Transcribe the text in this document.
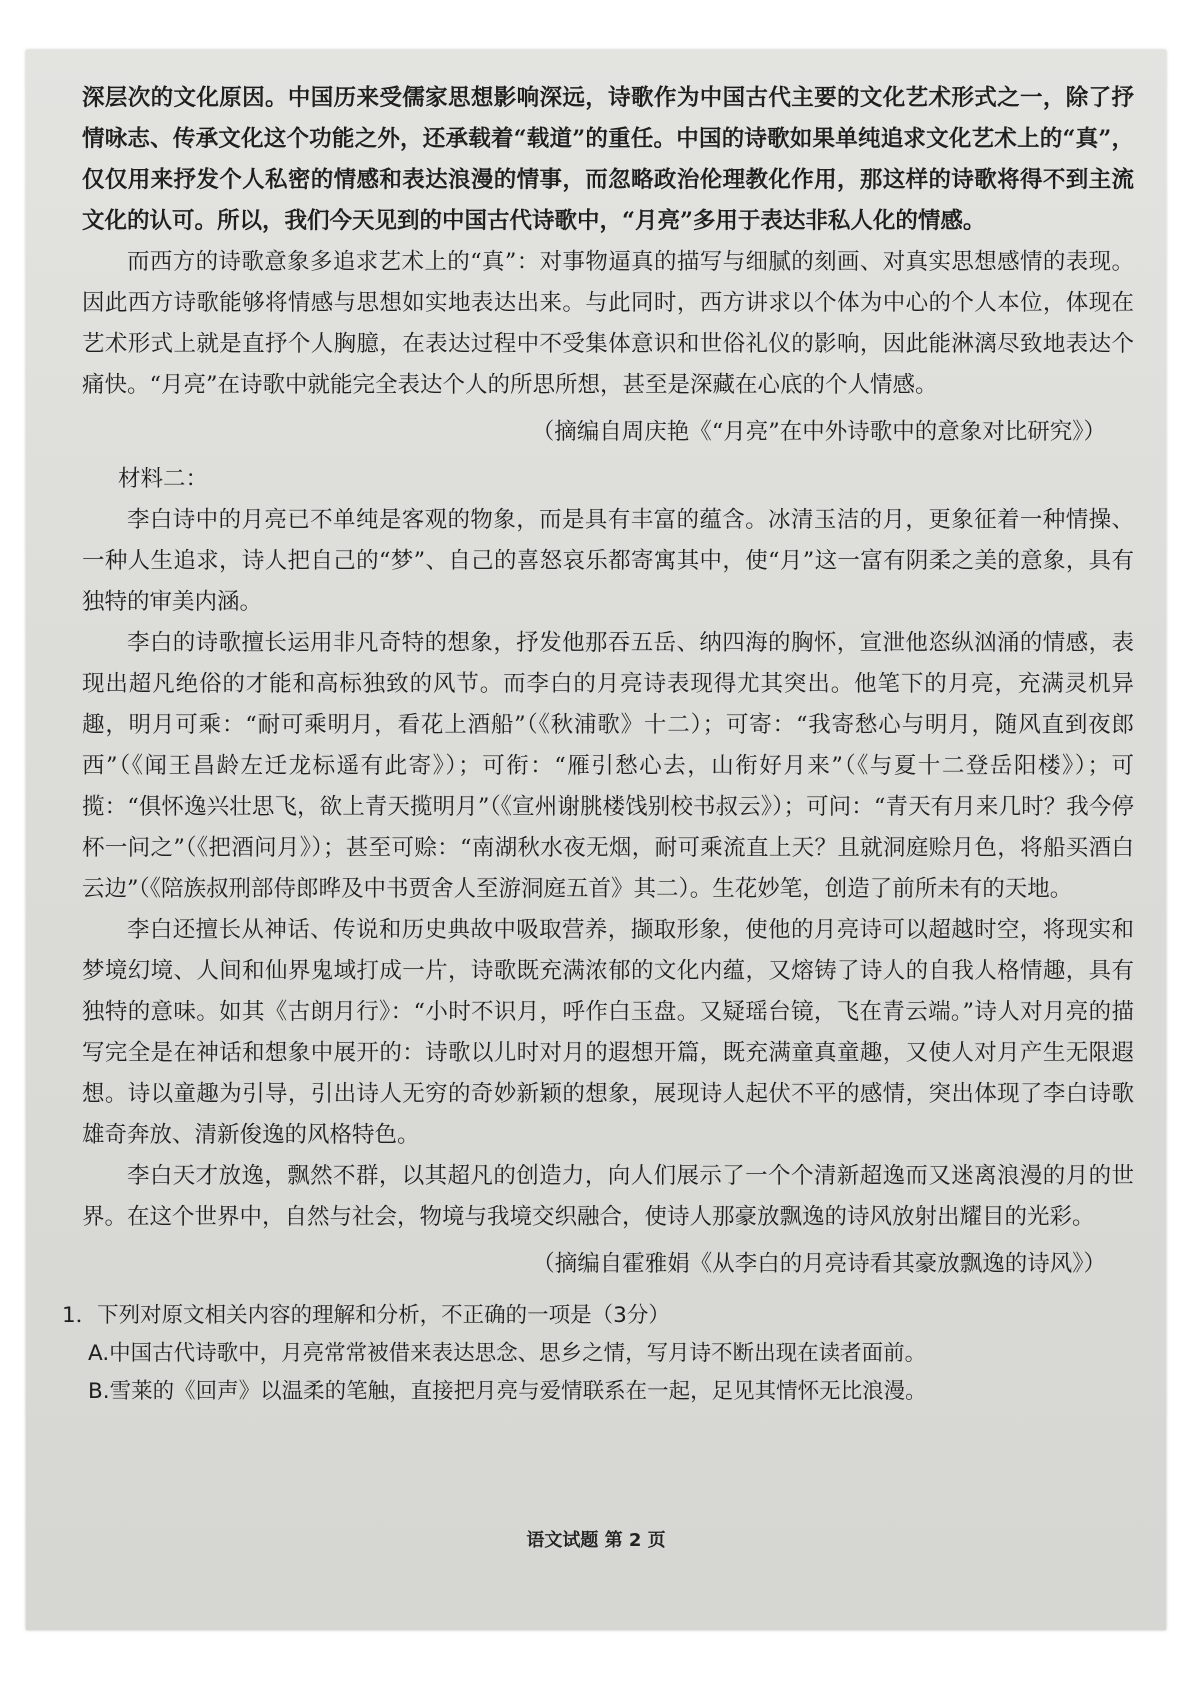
深层次的文化原因。中国历来受儒家思想影响深远，诗歌作为中国古代主要的文化艺术形式之一，除了抒情咏志、传承文化这个功能之外，还承载着“载道”的重任。中国的诗歌如果单纯追求文化艺术上的“真”，仅仅用来抒发个人私密的情感和表达浪漫的情事，而忽略政治伦理教化作用，那这样的诗歌将得不到主流文化的认可。所以，我们今天见到的中国古代诗歌中，“月亮”多用于表达非私人化的情感。

而西方的诗歌意象多追求艺术上的“真”：对事物逼真的描写与细腻的刻画、对真实思想感情的表现。因此西方诗歌能够将情感与思想如实地表达出来。与此同时，西方讲求以个体为中心的个人本位，体现在艺术形式上就是直抒个人胸臆，在表达过程中不受集体意识和世俗礼仪的影响，因此能淋漓尽致地表达个痛快。“月亮”在诗歌中就能完全表达个人的所思所想，甚至是深藏在心底的个人情感。

（摘编自周庆艳《“月亮”在中外诗歌中的意象对比研究》）

材料二：

李白诗中的月亮已不单纯是客观的物象，而是具有丰富的蕴含。冰清玉洁的月，更象征着一种情操、一种人生追求，诗人把自己的“梦”、自己的喜怒哀乐都寄寓其中，使“月”这一富有阴柔之美的意象，具有独特的审美内涵。

李白的诗歌擅长运用非凡奇特的想象，抒发他那吞五岳、纳四海的胸怀，宣泄他恣纵汹涌的情感，表现出超凡绝俗的才能和高标独致的风节。而李白的月亮诗表现得尤其突出。他笔下的月亮，充满灵机异趣，明月可乘：“耐可乘明月，看花上酒船”（《秋浦歌》十二）；可寄：“我寄愁心与明月，随风直到夜郎西”（《闻王昌龄左迁龙标遥有此寄》）；可衔：“雁引愁心去，山衔好月来”（《与夏十二登岳阳楼》）；可揽：“俱怀逸兴壮思飞，欲上青天揽明月”（《宣州谢朓楼饯别校书叔云》）；可问：“青天有月来几时？我今停杯一问之”（《把酒问月》）；甚至可赊：“南湖秋水夜无烟，耐可乘流直上天？且就洞庭赊月色，将船买酒白云边”（《陪族叔刑部侍郎晔及中书贾舍人至游洞庭五首》其二）。生花妙笔，创造了前所未有的天地。

李白还擅长从神话、传说和历史典故中吸取营养，撷取形象，使他的月亮诗可以超越时空，将现实和梦境幻境、人间和仙界鬼域打成一片，诗歌既充满浓郁的文化内蕴，又熔铸了诗人的自我人格情趣，具有独特的意味。如其《古朗月行》：“小时不识月，呼作白玉盘。又疑瑶台镜，飞在青云端。”诗人对月亮的描写完全是在神话和想象中展开的：诗歌以儿时对月的遐想开篇，既充满童真童趣，又使人对月产生无限遐想。诗以童趣为引导，引出诗人无穷的奇妙新颖的想象，展现诗人起伏不平的感情，突出体现了李白诗歌雄奇奔放、清新俊逸的风格特色。

李白天才放逸，飘然不群，以其超凡的创造力，向人们展示了一个个清新超逸而又迷离浪漫的月的世界。在这个世界中，自然与社会，物境与我境交织融合，使诗人那豪放飘逸的诗风放射出耀目的光彩。

（摘编自霍雅娟《从李白的月亮诗看其豪放飘逸的诗风》）

1．下列对原文相关内容的理解和分析，不正确的一项是（3分）

A.中国古代诗歌中，月亮常常被借来表达思念、思乡之情，写月诗不断出现在读者面前。

B.雪莱的《回声》以温柔的笔触，直接把月亮与爱情联系在一起，足见其情怀无比浪漫。

语文试题 第 2 页
